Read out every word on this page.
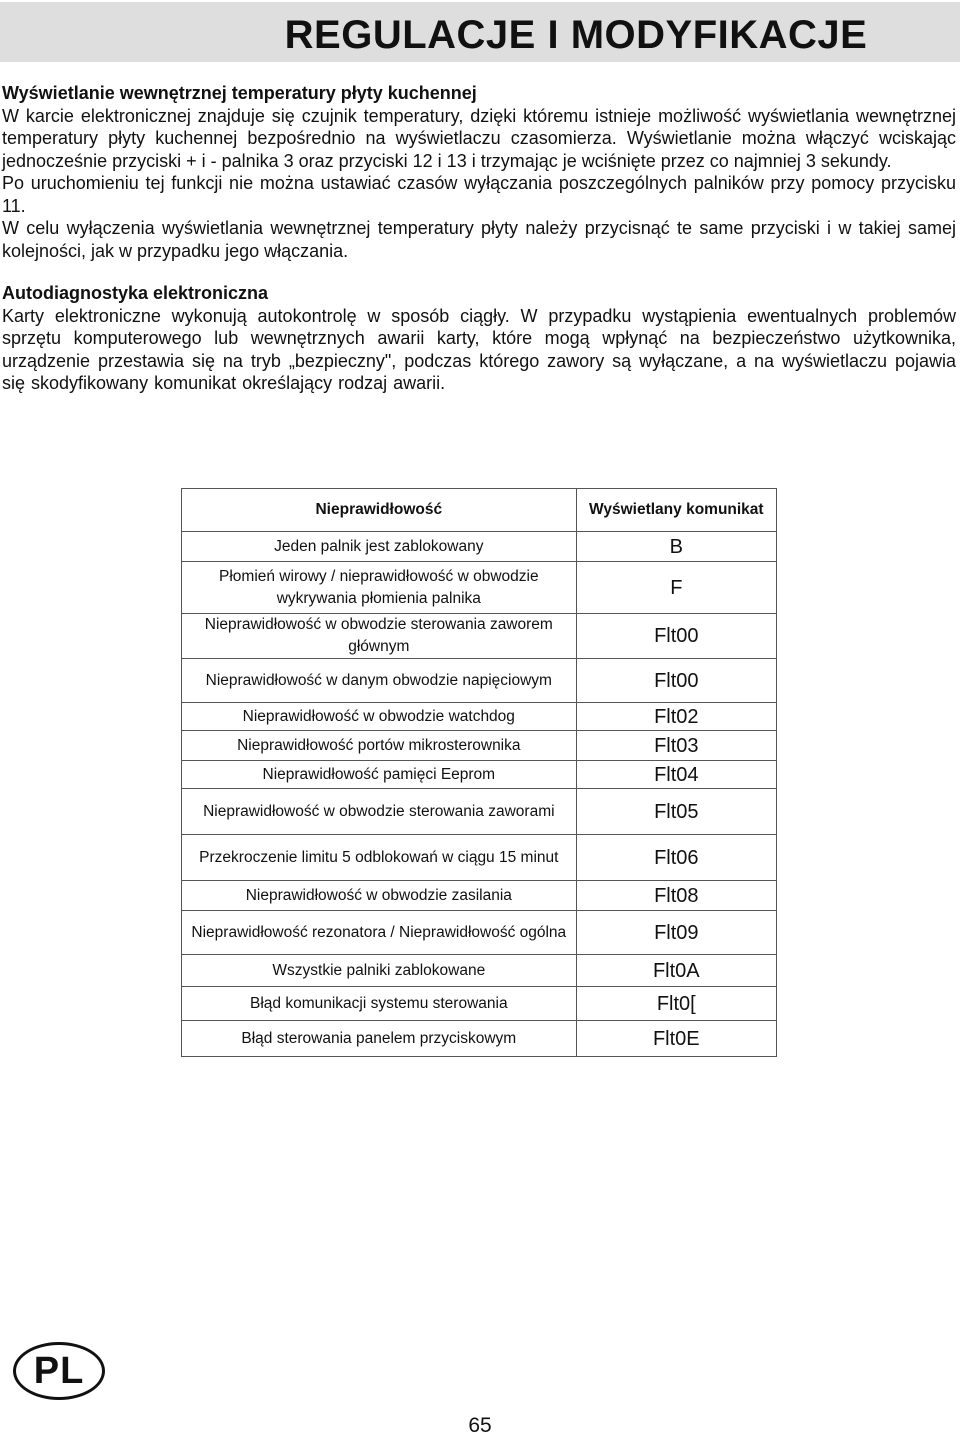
REGULACJE I MODYFIKACJE

Wyświetlanie wewnętrznej temperatury płyty kuchennej

W karcie elektronicznej znajduje się czujnik temperatury, dzięki któremu istnieje możliwość wyświetlania wewnętrznej temperatury płyty kuchennej bezpośrednio na wyświetlaczu czasomierza. Wyświetlanie można włączyć wciskając jednocześnie przyciski + i - palnika 3 oraz przyciski 12 i 13 i trzymając je wciśnięte przez co najmniej 3 sekundy.

Po uruchomieniu tej funkcji nie można ustawiać czasów wyłączania poszczególnych palników przy pomocy przycisku 11.

W celu wyłączenia wyświetlania wewnętrznej temperatury płyty należy przycisnąć te same przyciski i w takiej samej kolejności, jak w przypadku jego włączania.

Autodiagnostyka elektroniczna

Karty elektroniczne wykonują autokontrolę w sposób ciągły. W przypadku wystąpienia ewentualnych problemów sprzętu komputerowego lub wewnętrznych awarii karty, które mogą wpłynąć na bezpieczeństwo użytkownika, urządzenie przestawia się na tryb „bezpieczny", podczas którego zawory są wyłączane, a na wyświetlaczu pojawia się skodyfikowany komunikat określający rodzaj awarii.

Nieprawidłowość	Wyświetlany komunikat
Jeden palnik jest zablokowany	B
Płomień wirowy / nieprawidłowość w obwodzie wykrywania płomienia palnika	F
Nieprawidłowość w obwodzie sterowania zaworem głównym	Flt00
Nieprawidłowość w danym obwodzie napięciowym	Flt00
Nieprawidłowość w obwodzie watchdog	Flt02
Nieprawidłowość portów mikrosterownika	Flt03
Nieprawidłowość pamięci Eeprom	Flt04
Nieprawidłowość w obwodzie sterowania zaworami	Flt05
Przekroczenie limitu 5 odblokowań w ciągu 15 minut	Flt06
Nieprawidłowość w obwodzie zasilania	Flt08
Nieprawidłowość rezonatora / Nieprawidłowość ogólna	Flt09
Wszystkie palniki zablokowane	Flt0A
Błąd komunikacji systemu sterowania	Flt0[
Błąd sterowania panelem przyciskowym	Flt0E
PL
65
